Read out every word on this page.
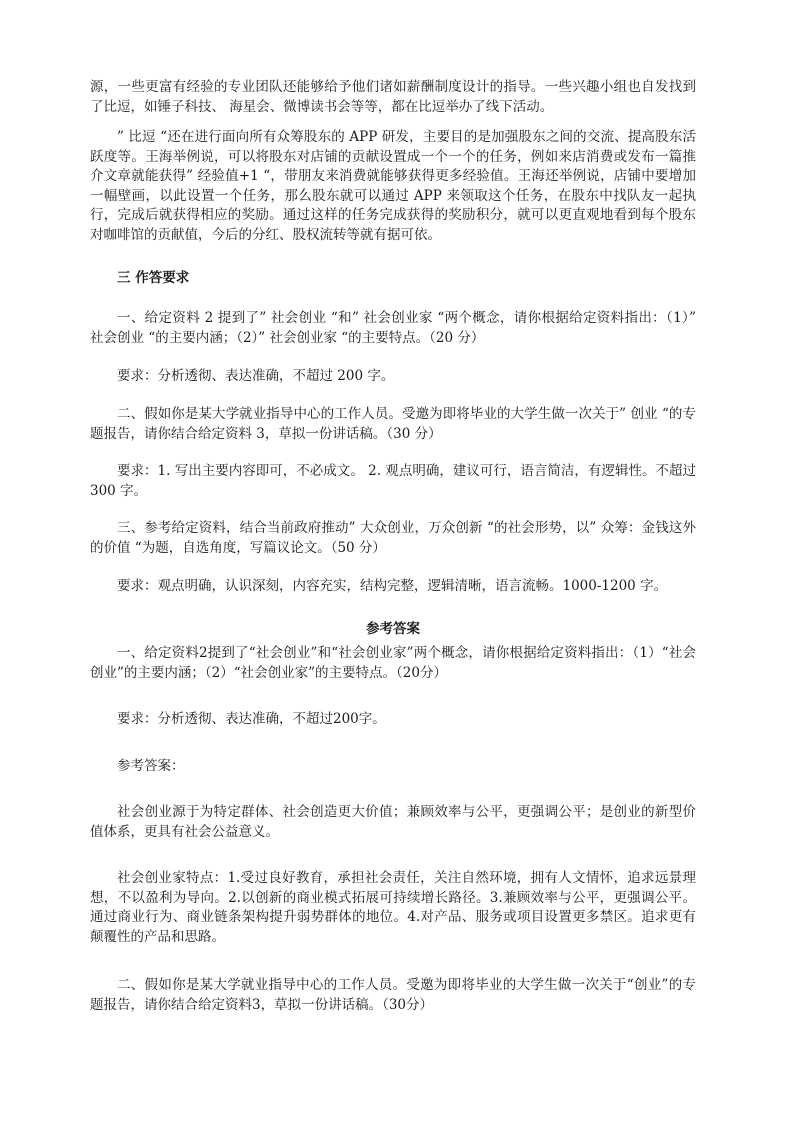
源，一些更富有经验的专业团队还能够给予他们诸如薪酬制度设计的指导。一些兴趣小组也自发找到了比逗，如锤子科技、 海星会、微博读书会等等，都在比逗举办了线下活动。

” 比逗 “还在进行面向所有众筹股东的 APP 研发，主要目的是加强股东之间的交流、提高股东活跃度等。王海举例说，可以将股东对店铺的贡献设置成一个一个的任务，例如来店消费或发布一篇推介文章就能获得” 经验值+1 “，带朋友来消费就能够获得更多经验值。王海还举例说，店铺中要增加一幅壁画，以此设置一个任务，那么股东就可以通过 APP 来领取这个任务，在股东中找队友一起执行，完成后就获得相应的奖励。通过这样的任务完成获得的奖励积分，就可以更直观地看到每个股东对咖啡馆的贡献值，今后的分红、股权流转等就有据可依。

三 作答要求

一、给定资料 2 提到了” 社会创业 “和” 社会创业家 “两个概念，请你根据给定资料指出：（1）” 社会创业 “的主要内涵；（2）” 社会创业家 “的主要特点。（20 分）

要求：分析透彻、表达准确，不超过 200 字。

二、假如你是某大学就业指导中心的工作人员。受邀为即将毕业的大学生做一次关于” 创业 “的专题报告，请你结合给定资料 3，草拟一份讲话稿。（30 分）

要求：1. 写出主要内容即可，不必成文。 2. 观点明确，建议可行，语言简洁，有逻辑性。不超过 300 字。

三、参考给定资料，结合当前政府推动” 大众创业，万众创新 “的社会形势，以” 众筹：金钱这外的价值 “为题，自选角度，写篇议论文。（50 分）

要求：观点明确，认识深刻，内容充实，结构完整，逻辑清晰，语言流畅。1000-1200 字。

参考答案

一、给定资料2提到了“社会创业”和“社会创业家”两个概念，请你根据给定资料指出：（1）“社会创业”的主要内涵；（2）“社会创业家”的主要特点。（20分）

要求：分析透彻、表达准确，不超过200字。

参考答案：

社会创业源于为特定群体、社会创造更大价值；兼顾效率与公平，更强调公平；是创业的新型价值体系，更具有社会公益意义。

社会创业家特点：1.受过良好教育，承担社会责任，关注自然环境，拥有人文情怀，追求远景理想，不以盈利为导向。2.以创新的商业模式拓展可持续增长路径。3.兼顾效率与公平，更强调公平。通过商业行为、商业链条架构提升弱势群体的地位。4.对产品、服务或项目设置更多禁区。追求更有颠覆性的产品和思路。

二、假如你是某大学就业指导中心的工作人员。受邀为即将毕业的大学生做一次关于“创业”的专题报告，请你结合给定资料3，草拟一份讲话稿。（30分）
